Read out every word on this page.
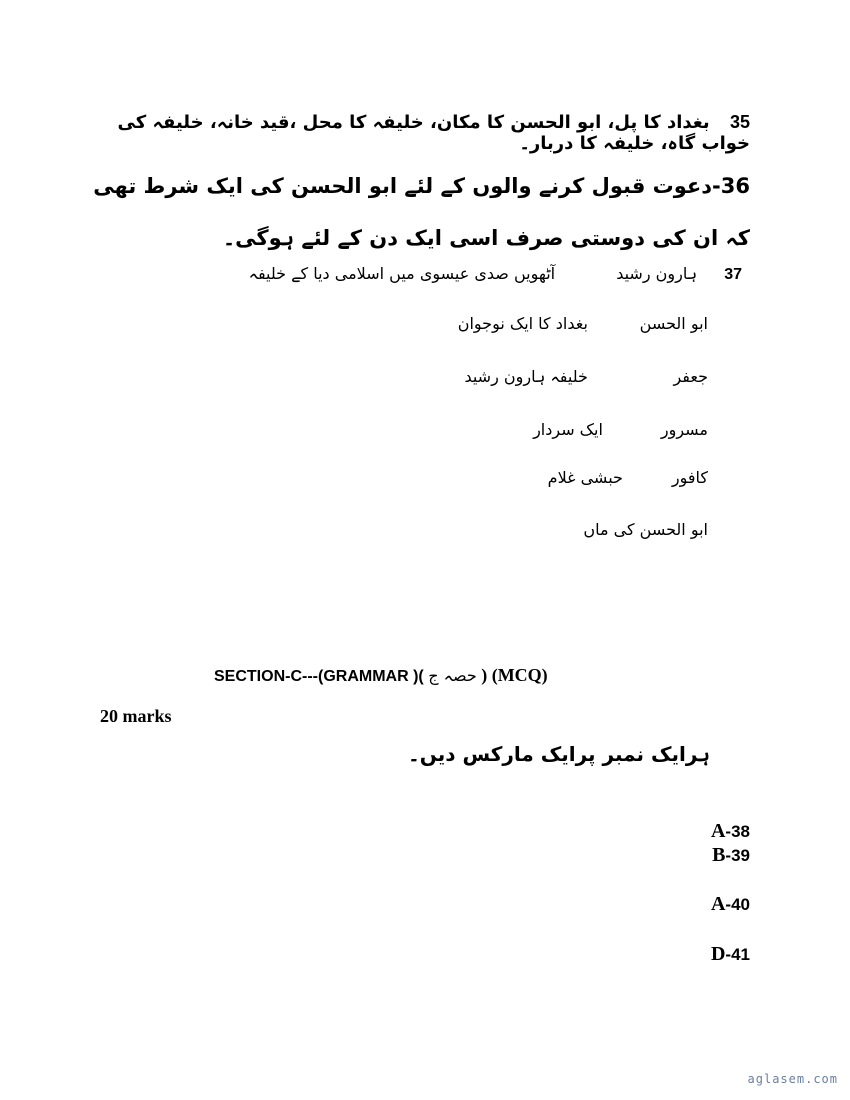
35 بغداد کا پل، ابو الحسن کا مکان، خلیفہ کا محل ،قید خانہ، خلیفہ کی خواب گاہ، خلیفہ کا دربار۔
36-دعوت قبول کرنے والوں کے لئے ابو الحسن کی ایک شرط تھی کہ ان کی دوستی صرف اسی ایک دن کے لئے ہوگی۔
37 ہارون رشید آٹھویں صدی عیسوی میں اسلامی دیا کے خلیفہ
ابو الحسن بغداد کا ایک نوجوان
جعفر خلیفہ ہارون رشید
مسرور ایک سردار
کافور حبشی غلام
ابو الحسن کی ماں
SECTION-C---(GRAMMAR )( حصہ ج ) (MCQ)
20 marks
ہرایک نمبر پرایک مارکس دیں۔
A-38
B-39
A-40
D-41
aglasem.com
